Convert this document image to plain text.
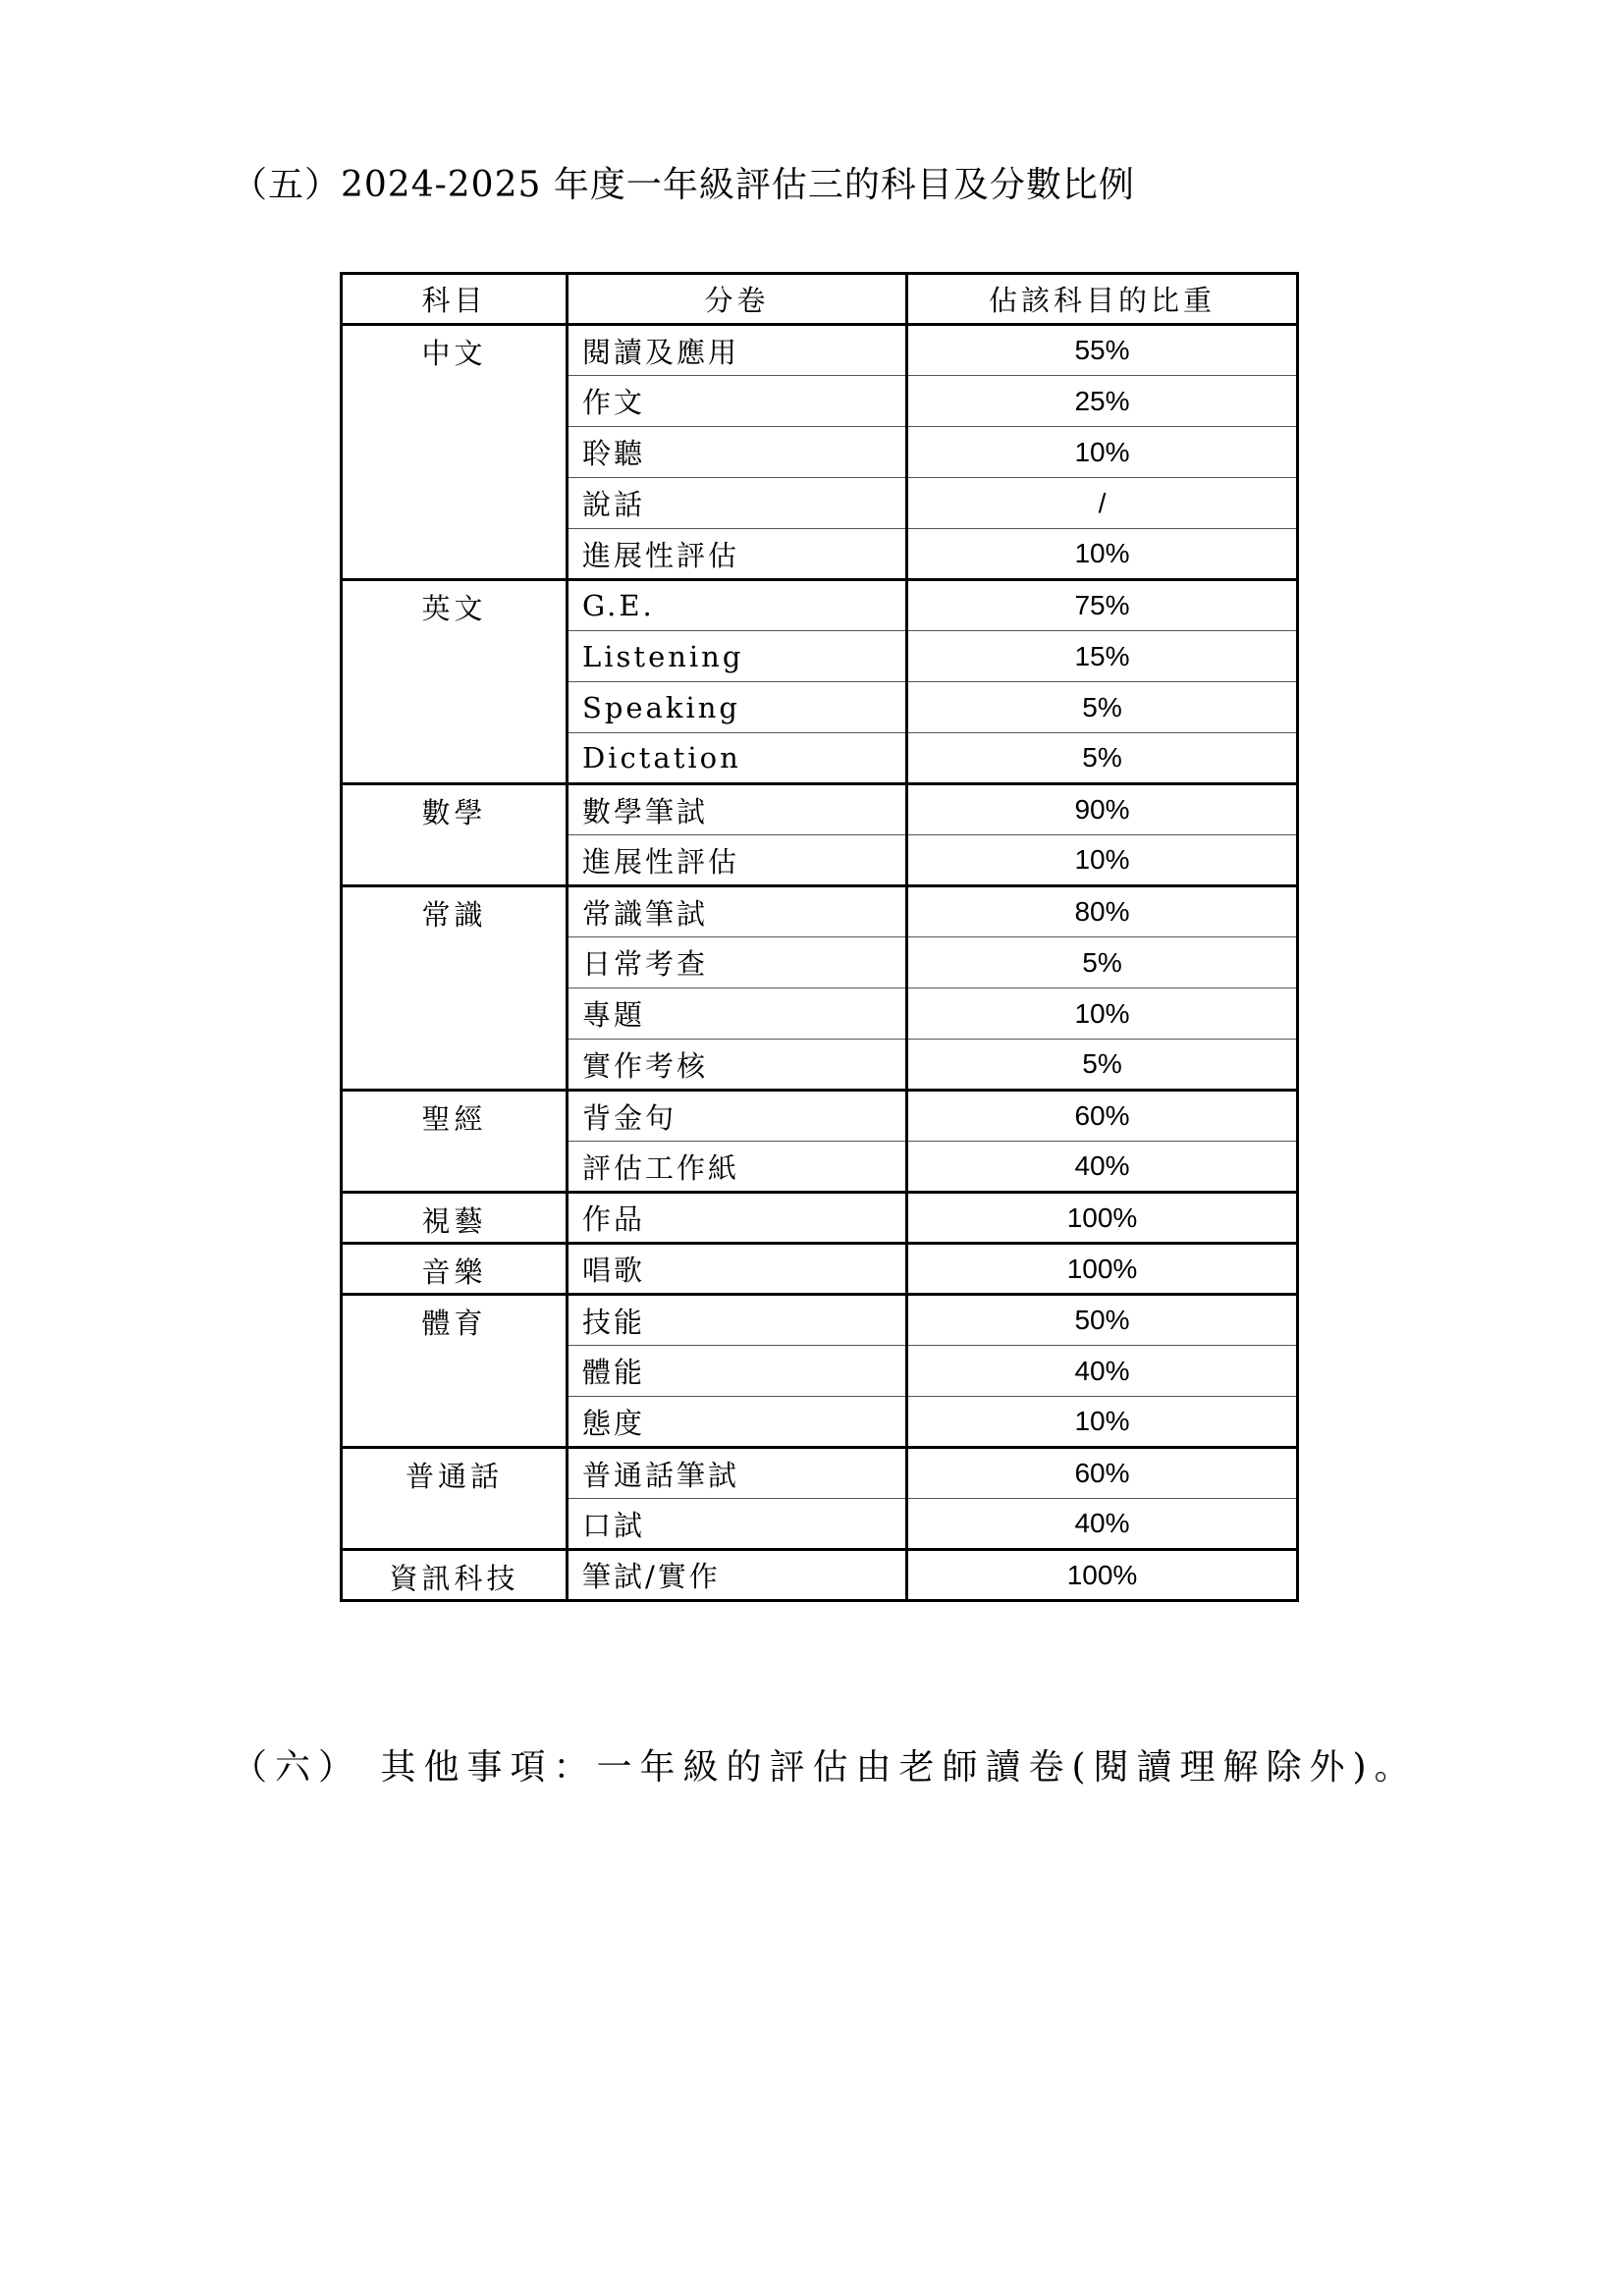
（五）2024-2025 年度一年級評估三的科目及分數比例
科目	分卷	佔該科目的比重
中文	閱讀及應用	55%
	作文	25%
	聆聽	10%
	說話	/
	進展性評估	10%
英文	G.E.	75%
	Listening	15%
	Speaking	5%
	Dictation	5%
數學	數學筆試	90%
	進展性評估	10%
常識	常識筆試	80%
	日常考查	5%
	專題	10%
	實作考核	5%
聖經	背金句	60%
	評估工作紙	40%
視藝	作品	100%
音樂	唱歌	100%
體育	技能	50%
	體能	40%
	態度	10%
普通話	普通話筆試	60%
	口試	40%
資訊科技	筆試/實作	100%
（六） 其他事項：一年級的評估由老師讀卷(閱讀理解除外)。
